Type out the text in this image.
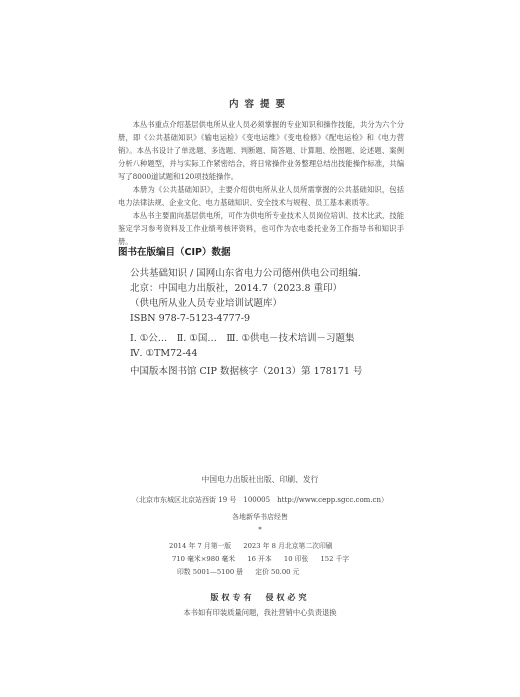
内容提要

本丛书重点介绍基层供电所从业人员必须掌握的专业知识和操作技能，共分为六个分册，即《公共基础知识》《输电运检》《变电运维》《变电检修》《配电运检》和《电力营销》。本丛书设计了单选题、多选题、判断题、简答题、计算题、绘图题、论述题、案例分析八种题型，并与实际工作紧密结合，将日常操作业务整理总结出技能操作标准，共编写了8000道试题和120项技能操作。

本册为《公共基础知识》，主要介绍供电所从业人员所需掌握的公共基础知识，包括电力法律法规、企业文化、电力基础知识、安全技术与规程、员工基本素质等。

本丛书主要面向基层供电所，可作为供电所专业技术人员岗位培训、技术比武、技能鉴定学习参考资料及工作业绩考核评资料，也可作为农电委托业务工作指导书和知识手册。

图书在版编目（CIP）数据
公共基础知识 / 国网山东省电力公司德州供电公司组编.
北京：中国电力出版社，2014.7（2023.8 重印）
（供电所从业人员专业培训试题库）
ISBN 978-7-5123-4777-9
Ⅰ. ①公…　Ⅱ. ①国…　Ⅲ. ①供电－技术培训－习题集
Ⅳ. ①TM72-44
中国版本图书馆 CIP 数据核字（2013）第 178171 号
中国电力出版社出版、印刷、发行
（北京市东城区北京站西街 19 号　100005　http://www.cepp.sgcc.com.cn）
各地新华书店经售
*
2014 年 7 月第一版 2023 年 8 月北京第二次印刷
710 毫米×980 毫米 16 开本 10 印张 152 千字
印数 5001—5100 册 定价 50.00 元
版权专有　侵权必究
本书如有印装质量问题，我社营销中心负责退换
